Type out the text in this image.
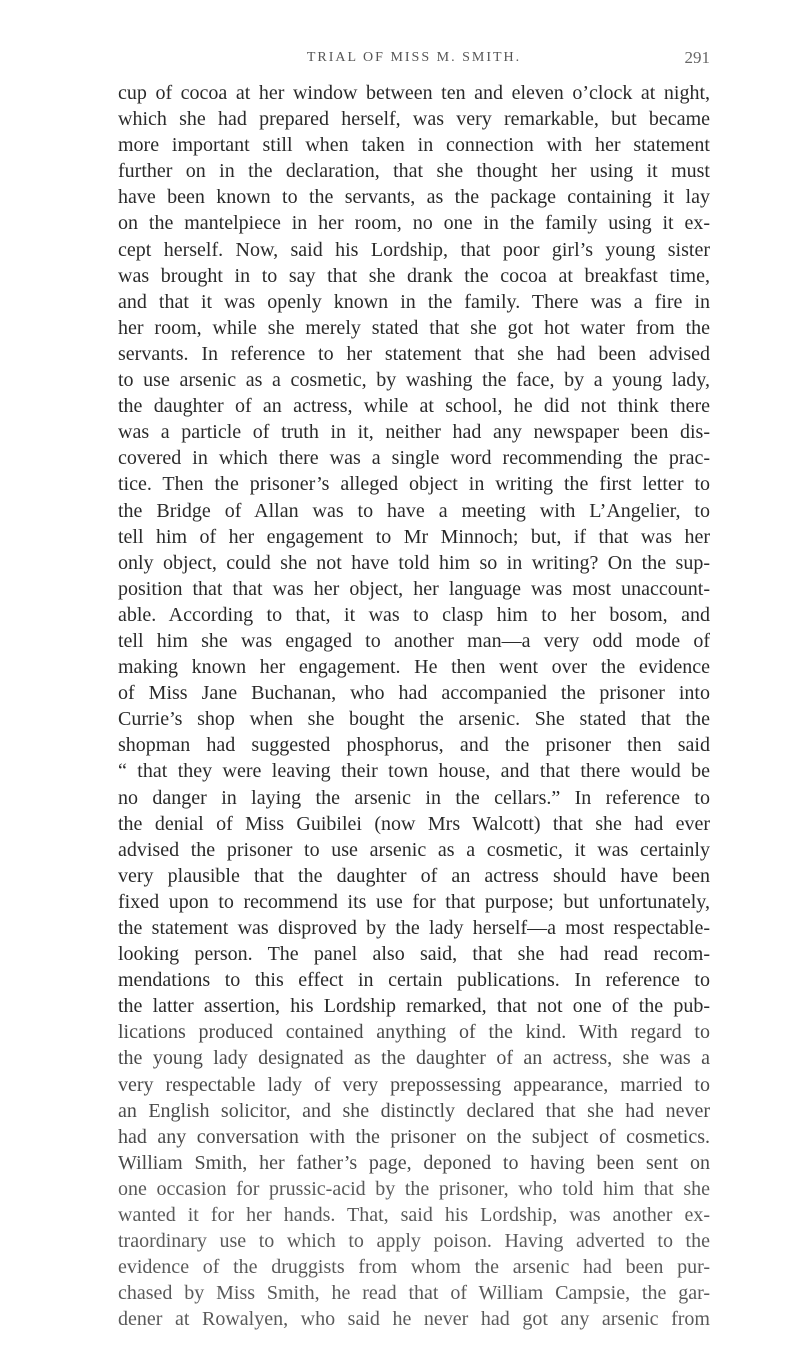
TRIAL OF MISS M. SMITH.	291
cup of cocoa at her window between ten and eleven o’clock at night,
which she had prepared herself, was very remarkable, but became
more important still when taken in connection with her statement
further on in the declaration, that she thought her using it must
have been known to the servants, as the package containing it lay
on the mantelpiece in her room, no one in the family using it ex-
cept herself. Now, said his Lordship, that poor girl’s young sister
was brought in to say that she drank the cocoa at breakfast time,
and that it was openly known in the family. There was a fire in
her room, while she merely stated that she got hot water from the
servants. In reference to her statement that she had been advised
to use arsenic as a cosmetic, by washing the face, by a young lady,
the daughter of an actress, while at school, he did not think there
was a particle of truth in it, neither had any newspaper been dis-
covered in which there was a single word recommending the prac-
tice. Then the prisoner’s alleged object in writing the first letter to
the Bridge of Allan was to have a meeting with L’Angelier, to
tell him of her engagement to Mr Minnoch; but, if that was her
only object, could she not have told him so in writing? On the sup-
position that that was her object, her language was most unaccount-
able. According to that, it was to clasp him to her bosom, and
tell him she was engaged to another man—a very odd mode of
making known her engagement. He then went over the evidence
of Miss Jane Buchanan, who had accompanied the prisoner into
Currie’s shop when she bought the arsenic. She stated that the
shopman had suggested phosphorus, and the prisoner then said
“ that they were leaving their town house, and that there would be
no danger in laying the arsenic in the cellars.” In reference to
the denial of Miss Guibilei (now Mrs Walcott) that she had ever
advised the prisoner to use arsenic as a cosmetic, it was certainly
very plausible that the daughter of an actress should have been
fixed upon to recommend its use for that purpose; but unfortunately,
the statement was disproved by the lady herself—a most respectable-
looking person. The panel also said, that she had read recom-
mendations to this effect in certain publications. In reference to
the latter assertion, his Lordship remarked, that not one of the pub-
lications produced contained anything of the kind. With regard to
the young lady designated as the daughter of an actress, she was a
very respectable lady of very prepossessing appearance, married to
an English solicitor, and she distinctly declared that she had never
had any conversation with the prisoner on the subject of cosmetics.
William Smith, her father’s page, deponed to having been sent on
one occasion for prussic-acid by the prisoner, who told him that she
wanted it for her hands. That, said his Lordship, was another ex-
traordinary use to which to apply poison. Having adverted to the
evidence of the druggists from whom the arsenic had been pur-
chased by Miss Smith, he read that of William Campsie, the gar-
dener at Rowalyen, who said he never had got any arsenic from
